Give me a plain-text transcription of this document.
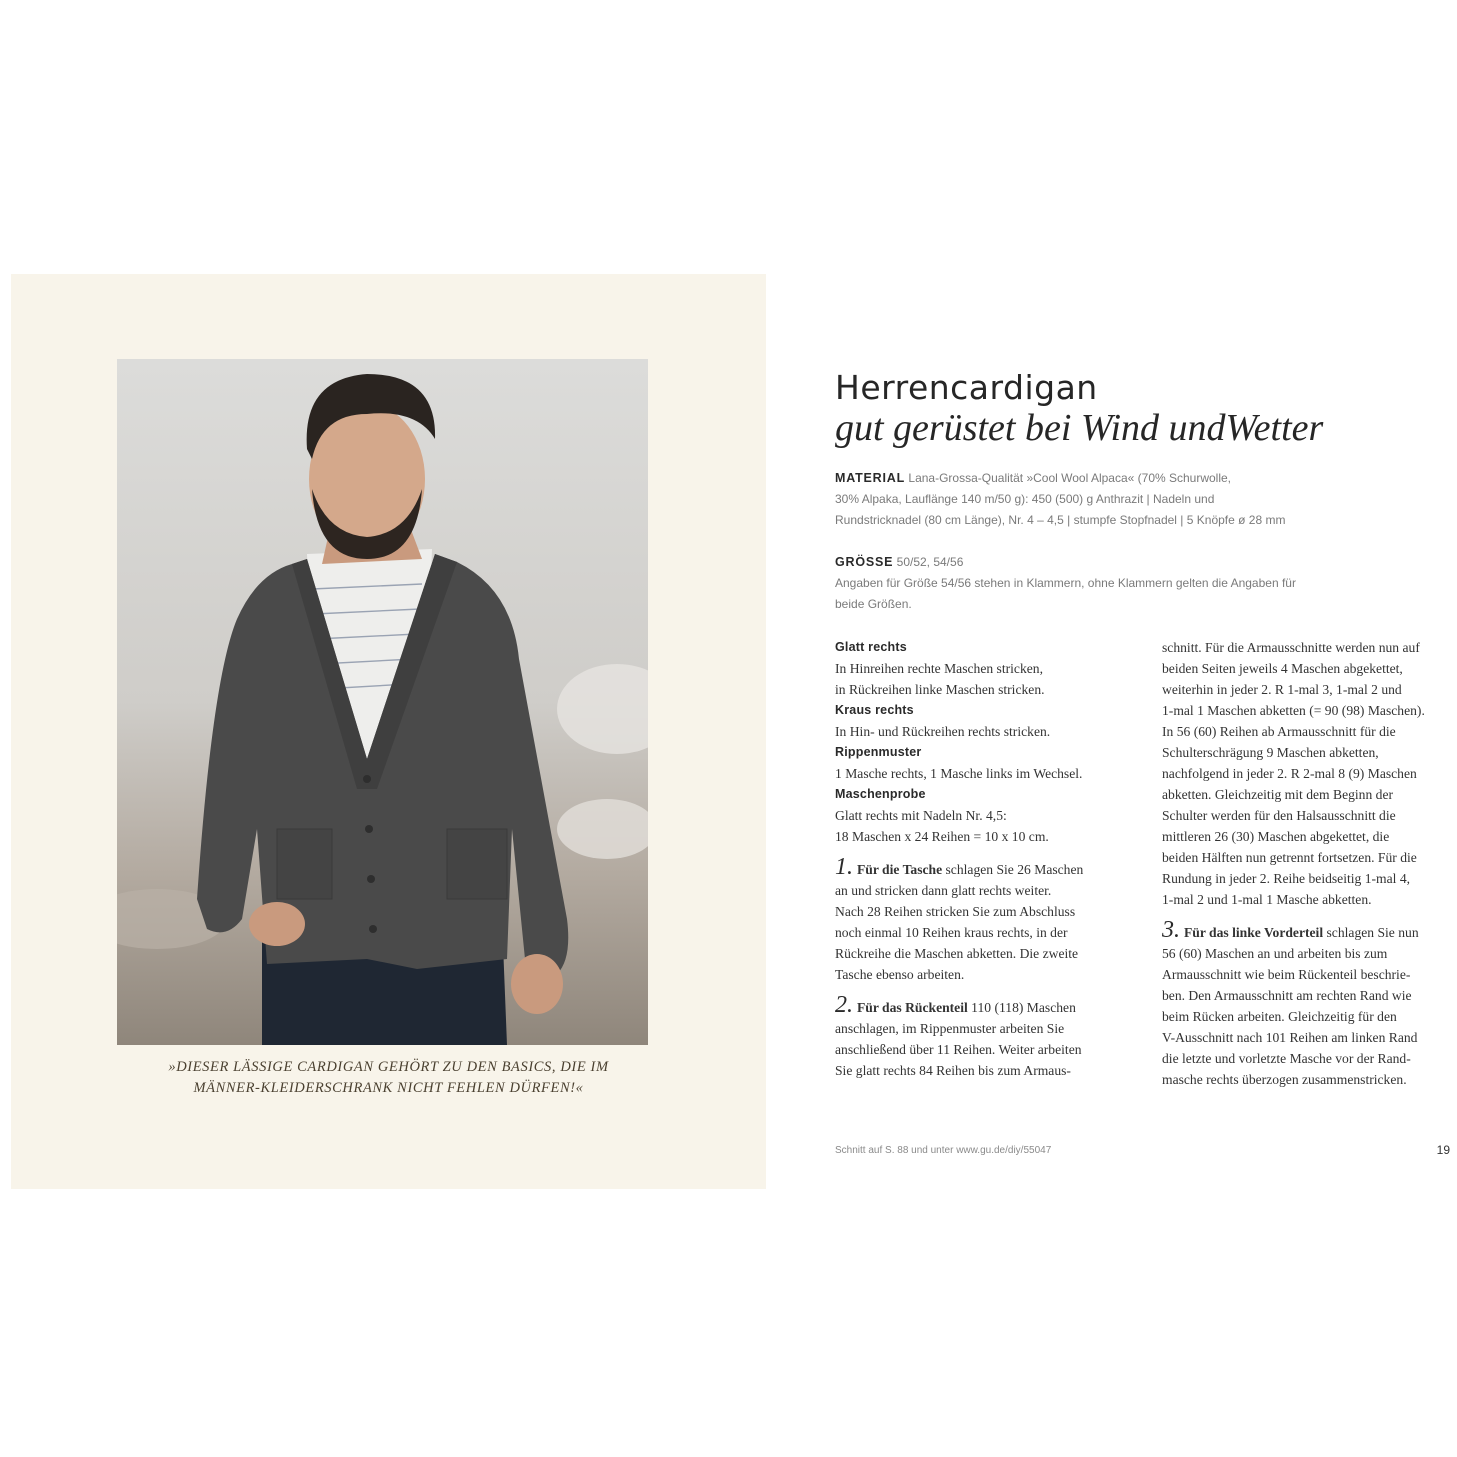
»DIESER LÄSSIGE CARDIGAN GEHÖRT ZU DEN BASICS, DIE IM
MÄNNER-KLEIDERSCHRANK NICHT FEHLEN DÜRFEN!«
Herrencardigan
gut gerüstet bei Wind undWetter
MATERIAL Lana-Grossa-Qualität »Cool Wool Alpaca« (70% Schurwolle,
30% Alpaka, Lauflänge 140 m/50 g): 450 (500) g Anthrazit | Nadeln und
Rundstricknadel (80 cm Länge), Nr. 4 – 4,5 | stumpfe Stopfnadel | 5 Knöpfe ø 28 mm
GRÖSSE 50/52, 54/56
Angaben für Größe 54/56 stehen in Klammern, ohne Klammern gelten die Angaben für
beide Größen.

Glatt rechts

In Hinreihen rechte Maschen stricken,

in Rückreihen linke Maschen stricken.

Kraus rechts

In Hin- und Rückreihen rechts stricken.

Rippenmuster

1 Masche rechts, 1 Masche links im Wechsel.

Maschenprobe

Glatt rechts mit Nadeln Nr. 4,5:

18 Maschen x 24 Reihen = 10 x 10 cm.

1. Für die Tasche schlagen Sie 26 Maschen

an und stricken dann glatt rechts weiter.

Nach 28 Reihen stricken Sie zum Abschluss

noch einmal 10 Reihen kraus rechts, in der

Rückreihe die Maschen abketten. Die zweite

Tasche ebenso arbeiten.

2. Für das Rückenteil 110 (118) Maschen

anschlagen, im Rippenmuster arbeiten Sie

anschließend über 11 Reihen. Weiter arbeiten

Sie glatt rechts 84 Reihen bis zum Armaus-

schnitt. Für die Armausschnitte werden nun auf

beiden Seiten jeweils 4 Maschen abgekettet,

weiterhin in jeder 2. R 1-mal 3, 1-mal 2 und

1-mal 1 Maschen abketten (= 90 (98) Maschen).

In 56 (60) Reihen ab Armausschnitt für die

Schulterschrägung 9 Maschen abketten,

nachfolgend in jeder 2. R 2-mal 8 (9) Maschen

abketten. Gleichzeitig mit dem Beginn der

Schulter werden für den Halsausschnitt die

mittleren 26 (30) Maschen abgekettet, die

beiden Hälften nun getrennt fortsetzen. Für die

Rundung in jeder 2. Reihe beidseitig 1-mal 4,

1-mal 2 und 1-mal 1 Masche abketten.

3. Für das linke Vorderteil schlagen Sie nun

56 (60) Maschen an und arbeiten bis zum

Armausschnitt wie beim Rückenteil beschrie-

ben. Den Armausschnitt am rechten Rand wie

beim Rücken arbeiten. Gleichzeitig für den

V-Ausschnitt nach 101 Reihen am linken Rand

die letzte und vorletzte Masche vor der Rand-

masche rechts überzogen zusammenstricken.

Schnitt auf S. 88 und unter www.gu.de/diy/55047	19
